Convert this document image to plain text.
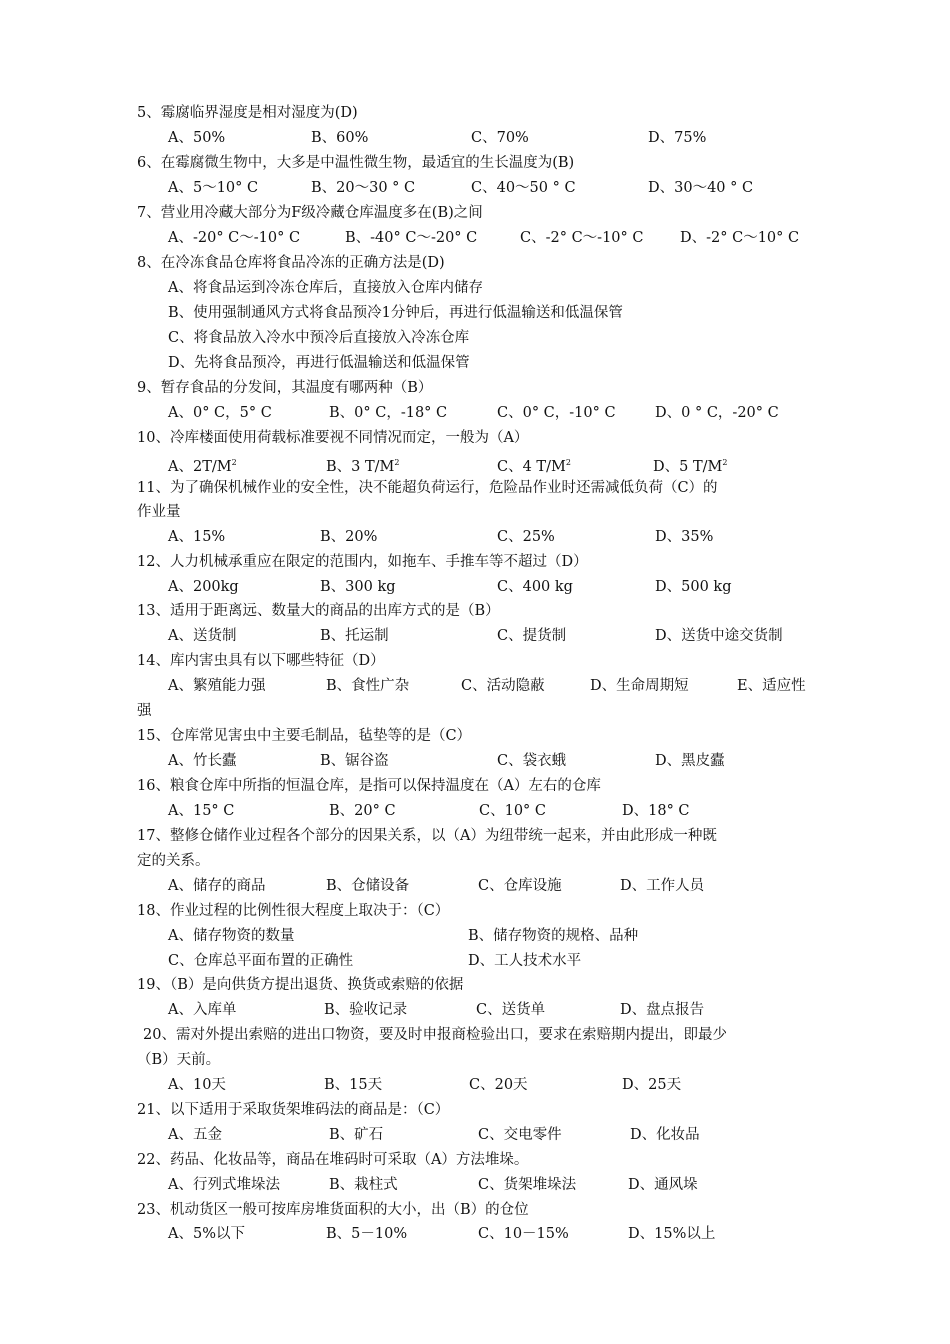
5、霉腐临界湿度是相对湿度为(D)
A、50%	B、60%	C、70%	D、75%
6、在霉腐微生物中，大多是中温性微生物，最适宜的生长温度为(B)
A、5～10° C	B、20～30 ° C	C、40～50 ° C	D、30～40 ° C
7、营业用冷藏大部分为F级冷藏仓库温度多在(B)之间
A、-20° C～-10° C	B、-40° C～-20° C	C、-2° C～-10° C	D、-2° C～10° C
8、在冷冻食品仓库将食品冷冻的正确方法是(D)
A、将食品运到冷冻仓库后，直接放入仓库内储存
B、使用强制通风方式将食品预冷1分钟后，再进行低温输送和低温保管
C、将食品放入冷水中预冷后直接放入冷冻仓库
D、先将食品预冷，再进行低温输送和低温保管
9、暂存食品的分发间，其温度有哪两种（B）
A、0° C，5° C	B、0° C，-18° C	C、0° C，-10° C	D、0 ° C，-20° C
10、冷库楼面使用荷载标准要视不同情况而定，一般为（A）
A、$2T/M^2$	B、3 $T/M^2$	C、4 $T/M^2$	D、5 $T/M^2$
11、为了确保机械作业的安全性，决不能超负荷运行，危险品作业时还需减低负荷（C）的
作业量
A、15%	B、20%	C、25%	D、35%
12、人力机械承重应在限定的范围内，如拖车、手推车等不超过（D）
A、200kg	B、300 kg	C、400 kg	D、500 kg
13、适用于距离远、数量大的商品的出库方式的是（B）
A、送货制	B、托运制	C、提货制	D、送货中途交货制
14、库内害虫具有以下哪些特征（D）
A、繁殖能力强	B、食性广杂	C、活动隐蔽	D、生命周期短	E、适应性
强
15、仓库常见害虫中主要毛制品，毡垫等的是（C）
A、竹长蠹	B、锯谷盗	C、袋衣蛾	D、黑皮蠹
16、粮食仓库中所指的恒温仓库，是指可以保持温度在（A）左右的仓库
A、15° C	B、20° C	C、10° C	D、18° C
17、整修仓储作业过程各个部分的因果关系，以（A）为纽带统一起来，并由此形成一种既
定的关系。
A、储存的商品	B、仓储设备	C、仓库设施	D、工作人员
18、作业过程的比例性很大程度上取决于：（C）
A、储存物资的数量	B、储存物资的规格、品种
C、仓库总平面布置的正确性	D、工人技术水平
19、（B）是向供货方提出退货、换货或索赔的依据
A、入库单	B、验收记录	C、送货单	D、盘点报告
20、需对外提出索赔的进出口物资，要及时申报商检验出口，要求在索赔期内提出，即最少
（B）天前。
A、10天	B、15天	C、20天	D、25天
21、以下适用于采取货架堆码法的商品是：（C）
A、五金	B、矿石	C、交电零件	D、化妆品
22、药品、化妆品等，商品在堆码时可采取（A）方法堆垛。
A、行列式堆垛法	B、栽柱式	C、货架堆垛法	D、通风垛
23、机动货区一般可按库房堆货面积的大小，出（B）的仓位
A、5%以下	B、5－10%	C、10－15%	D、15%以上
